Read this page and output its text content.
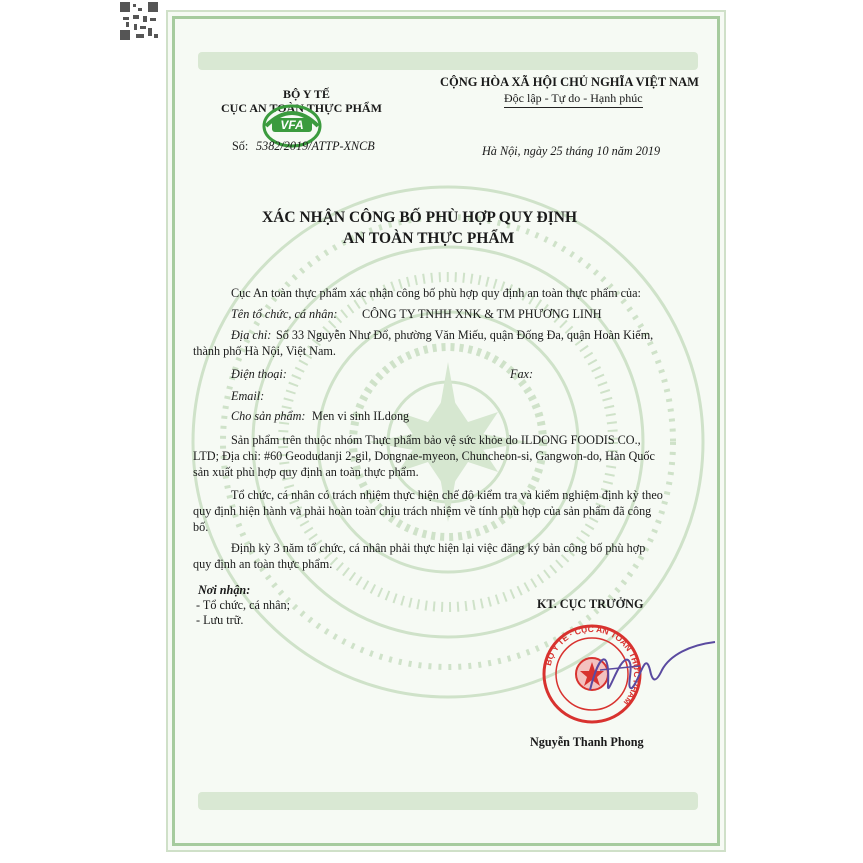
BỘ Y TẾ
CỤC AN TOÀN THỰC PHẨM
VFA
Số: 5382/2019/ATTP-XNCB
CỘNG HÒA XÃ HỘI CHỦ NGHĨA VIỆT NAM
Độc lập - Tự do - Hạnh phúc
Hà Nội, ngày 25 tháng 10 năm 2019
XÁC NHẬN CÔNG BỐ PHÙ HỢP QUY ĐỊNH
AN TOÀN THỰC PHẨM
Cục An toàn thực phẩm xác nhận công bố phù hợp quy định an toàn thực phẩm của:
Tên tổ chức, cá nhân: CÔNG TY TNHH XNK & TM PHƯƠNG LINH
Địa chỉ: Số 33 Nguyễn Như Đổ, phường Văn Miếu, quận Đống Đa, quận Hoàn Kiếm,
thành phố Hà Nội, Việt Nam.
Điện thoại:	Fax:
Email:
Cho sản phẩm: Men vi sinh ILdong
Sản phẩm trên thuộc nhóm Thực phẩm bảo vệ sức khỏe do ILDONG FOODIS CO.,
LTD; Địa chỉ: #60 Geodudanji 2-gil, Dongnae-myeon, Chuncheon-si, Gangwon-do, Hàn Quốc
sản xuất phù hợp quy định an toàn thực phẩm.
Tổ chức, cá nhân có trách nhiệm thực hiện chế độ kiểm tra và kiểm nghiệm định kỳ theo
quy định hiện hành và phải hoàn toàn chịu trách nhiệm về tính phù hợp của sản phẩm đã công
bố.
Định kỳ 3 năm tổ chức, cá nhân phải thực hiện lại việc đăng ký bản công bố phù hợp
quy định an toàn thực phẩm.
Nơi nhận:
- Tổ chức, cá nhân;
- Lưu trữ.
KT. CỤC TRƯỞNG
BỘ Y TẾ · CỤC AN TOÀN THỰC PHẨM
Nguyễn Thanh Phong
